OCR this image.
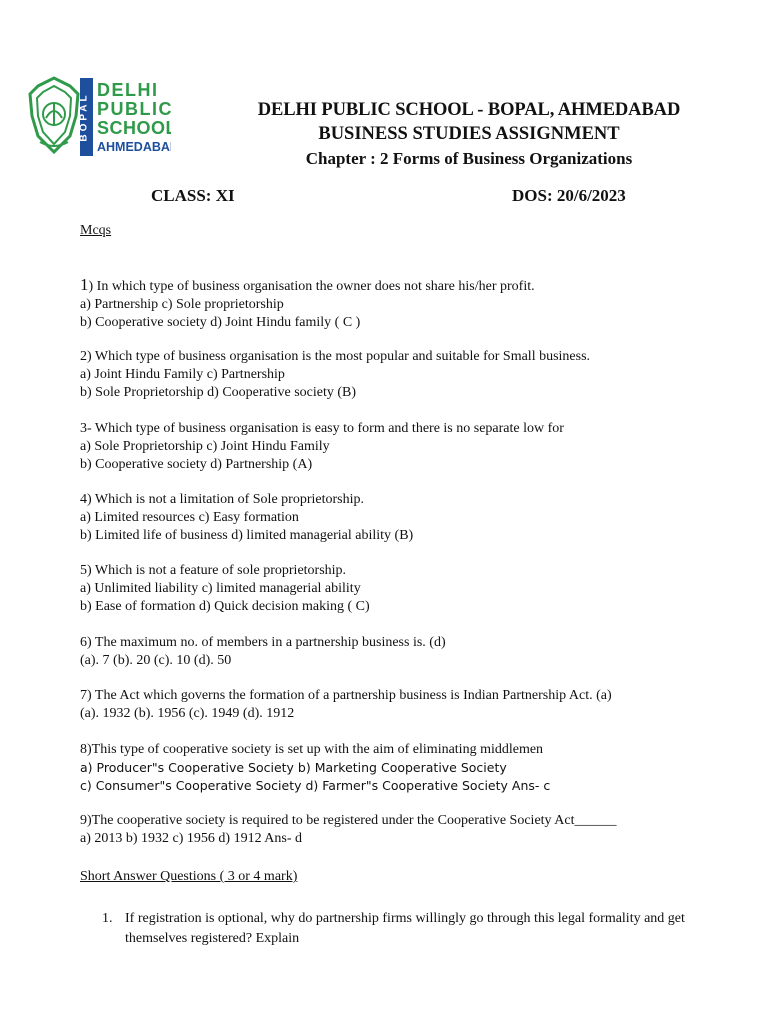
BOPAL
DELHI
PUBLIC
SCHOOL
AHMEDABAD
DELHI PUBLIC SCHOOL - BOPAL, AHMEDABAD
BUSINESS STUDIES ASSIGNMENT
Chapter : 2 Forms of Business Organizations
CLASS: XI	DOS: 20/6/2023
Mcqs
1) In which type of business organisation the owner does not share his/her profit.
a) Partnership c) Sole proprietorship
b) Cooperative society d) Joint Hindu family ( C )
2) Which type of business organisation is the most popular and suitable for Small business.
a) Joint Hindu Family c) Partnership
b) Sole Proprietorship d) Cooperative society (B)
3- Which type of business organisation is easy to form and there is no separate low for
a) Sole Proprietorship c) Joint Hindu Family
b) Cooperative society d) Partnership (A)
4) Which is not a limitation of Sole proprietorship.
a) Limited resources c) Easy formation
b) Limited life of business d) limited managerial ability (B)
5) Which is not a feature of sole proprietorship.
a) Unlimited liability c) limited managerial ability
b) Ease of formation d) Quick decision making ( C)
6) The maximum no. of members in a partnership business is. (d)
(a). 7 (b). 20 (c). 10 (d). 50
7) The Act which governs the formation of a partnership business is Indian Partnership Act. (a)
(a). 1932 (b). 1956 (c). 1949 (d). 1912
8)This type of cooperative society is set up with the aim of eliminating middlemen
a) Producer"s Cooperative Society b) Marketing Cooperative Society
c) Consumer"s Cooperative Society d) Farmer"s Cooperative Society Ans- c
9)The cooperative society is required to be registered under the Cooperative Society Act______
a) 2013 b) 1932 c) 1956 d) 1912 Ans- d
Short Answer Questions ( 3 or 4 mark)
1. If registration is optional, why do partnership firms willingly go through this legal formality and get themselves registered? Explain
